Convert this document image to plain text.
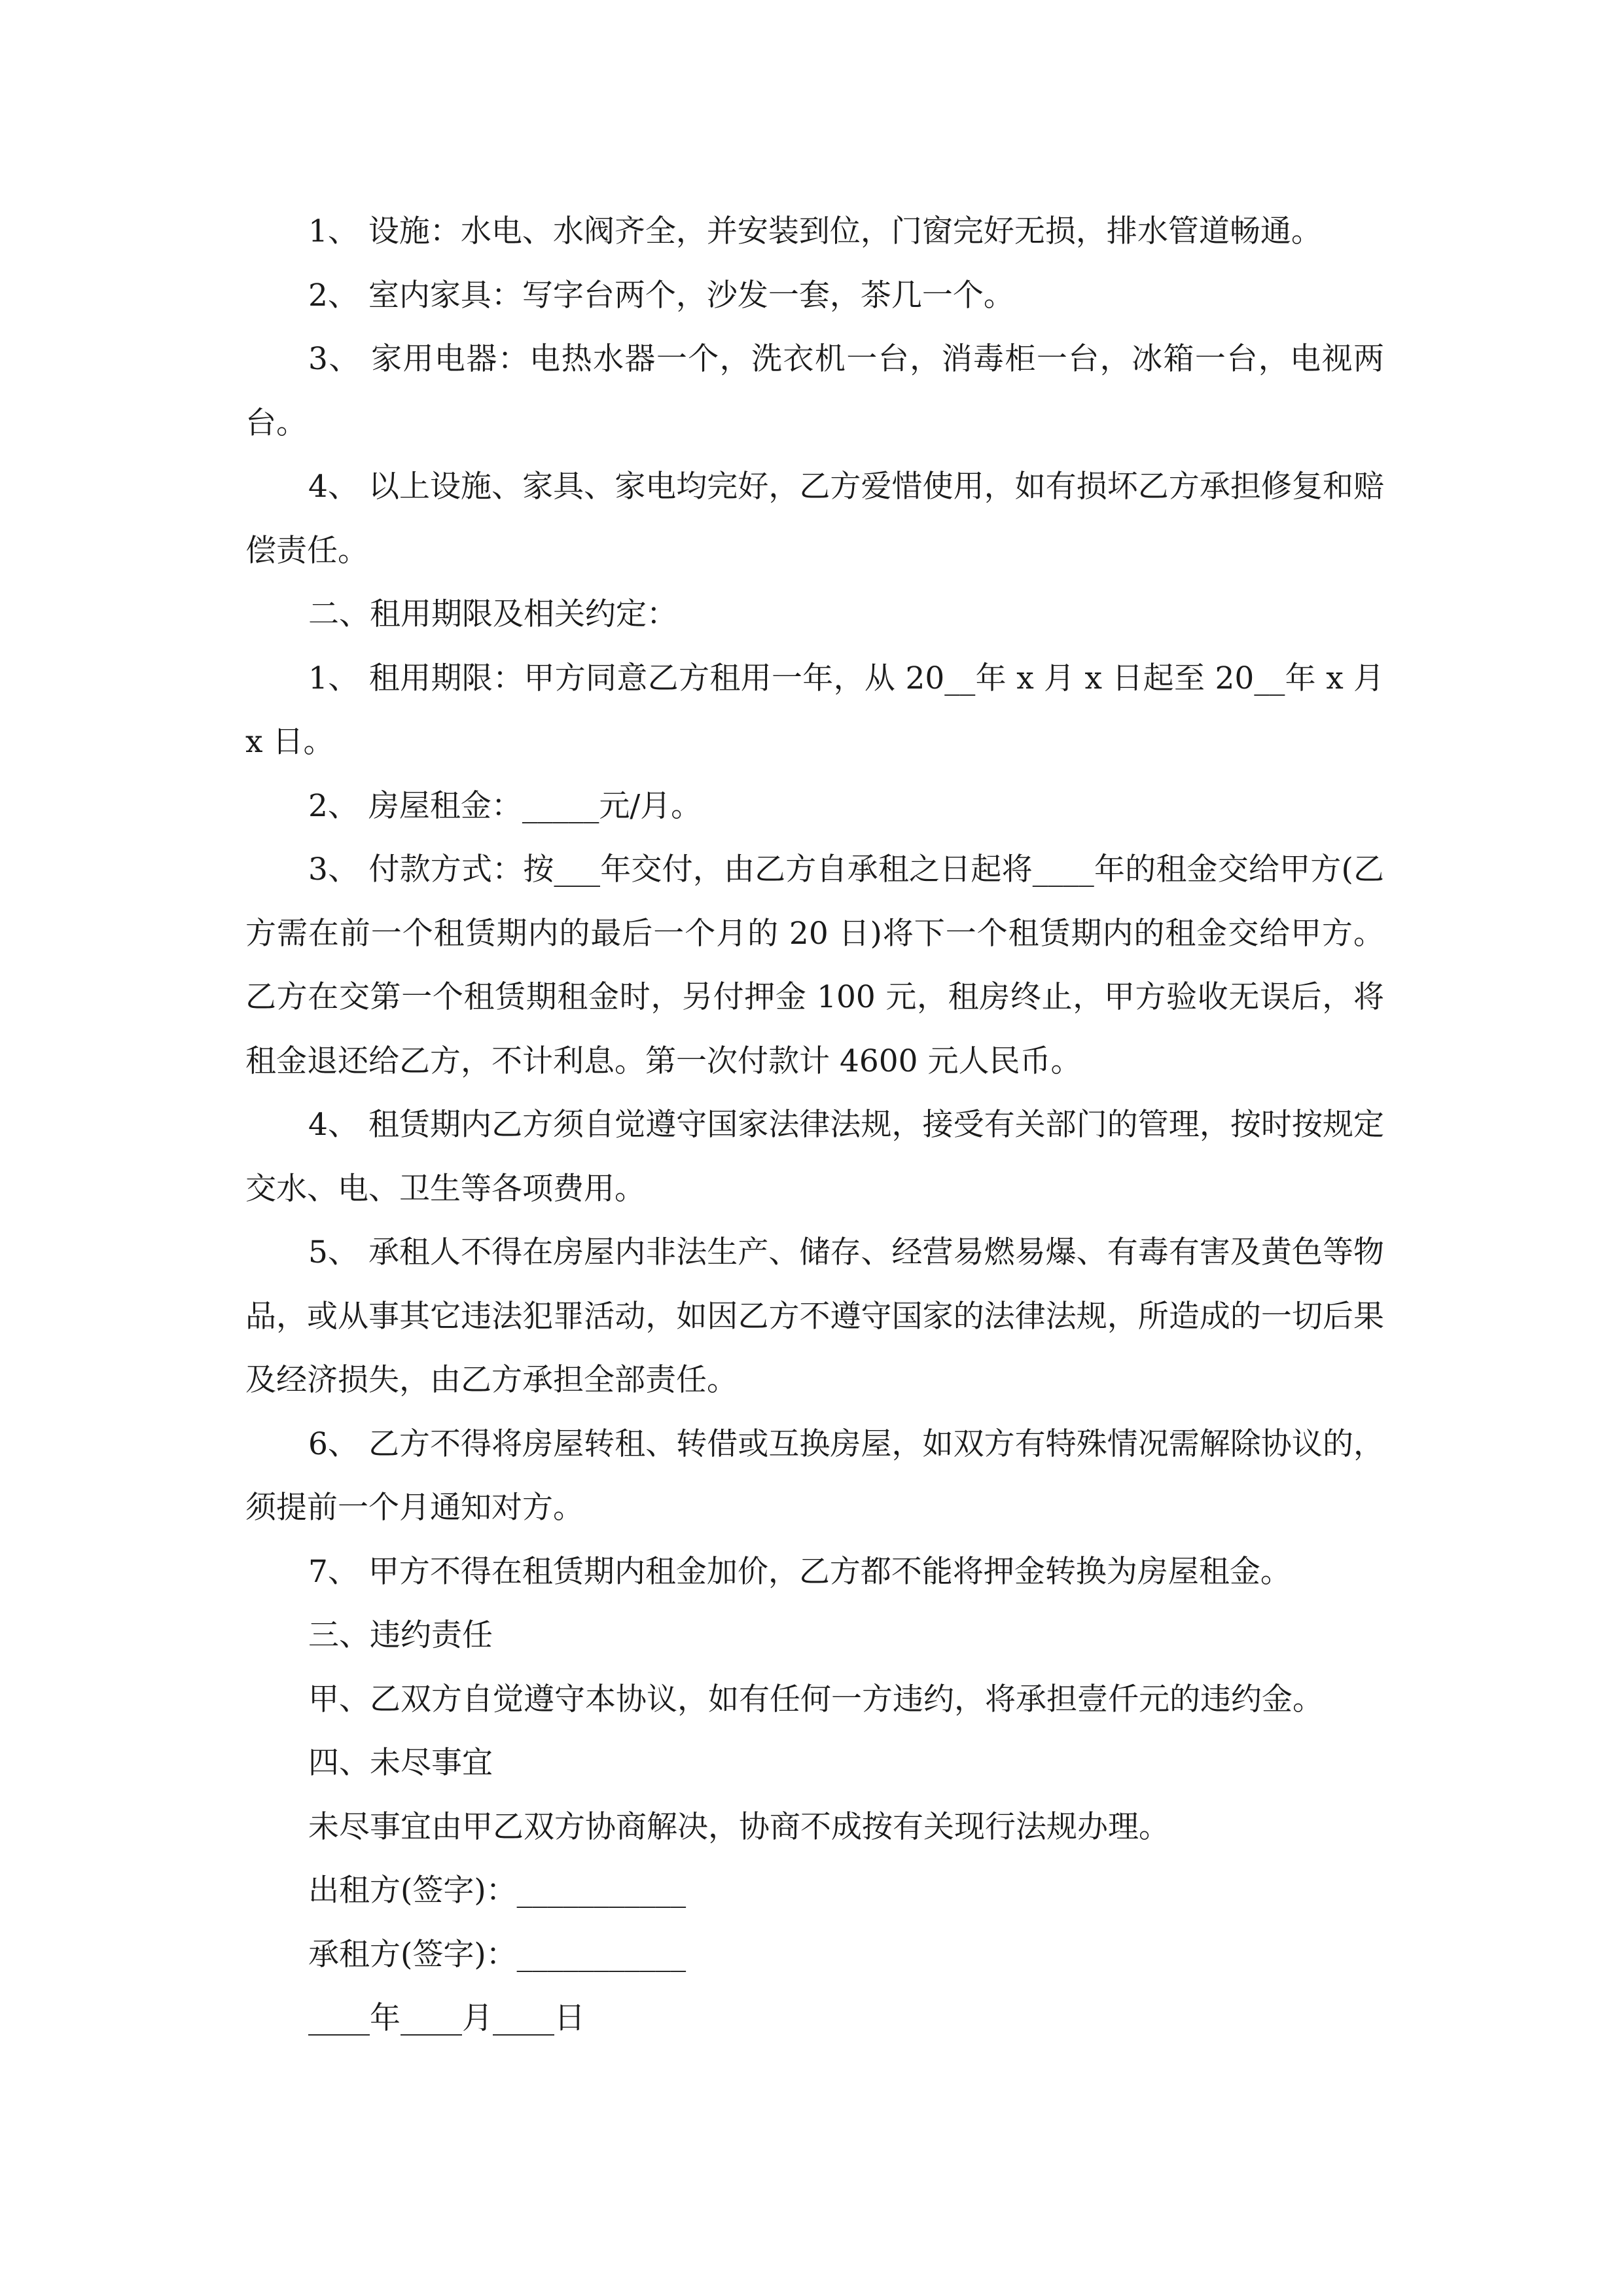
1、 设施：水电、水阀齐全，并安装到位，门窗完好无损，排水管道畅通。

2、 室内家具：写字台两个，沙发一套，茶几一个。

3、 家用电器：电热水器一个，洗衣机一台，消毒柜一台，冰箱一台，电视两台。

4、 以上设施、家具、家电均完好，乙方爱惜使用，如有损坏乙方承担修复和赔偿责任。

二、租用期限及相关约定：

1、 租用期限：甲方同意乙方租用一年，从 20__年 x 月 x 日起至 20__年 x 月 x 日。

2、 房屋租金：_____元/月。

3、 付款方式：按___年交付，由乙方自承租之日起将____年的租金交给甲方(乙方需在前一个租赁期内的最后一个月的 20 日)将下一个租赁期内的租金交给甲方。乙方在交第一个租赁期租金时，另付押金 100 元，租房终止，甲方验收无误后，将租金退还给乙方，不计利息。第一次付款计 4600 元人民币。

4、 租赁期内乙方须自觉遵守国家法律法规，接受有关部门的管理，按时按规定交水、电、卫生等各项费用。

5、 承租人不得在房屋内非法生产、储存、经营易燃易爆、有毒有害及黄色等物品，或从事其它违法犯罪活动，如因乙方不遵守国家的法律法规，所造成的一切后果及经济损失，由乙方承担全部责任。

6、 乙方不得将房屋转租、转借或互换房屋，如双方有特殊情况需解除协议的，须提前一个月通知对方。

7、 甲方不得在租赁期内租金加价，乙方都不能将押金转换为房屋租金。

三、违约责任

甲、乙双方自觉遵守本协议，如有任何一方违约，将承担壹仟元的违约金。

四、未尽事宜

未尽事宜由甲乙双方协商解决，协商不成按有关现行法规办理。

出租方(签字)：___________

承租方(签字)：___________

____年____月____日
